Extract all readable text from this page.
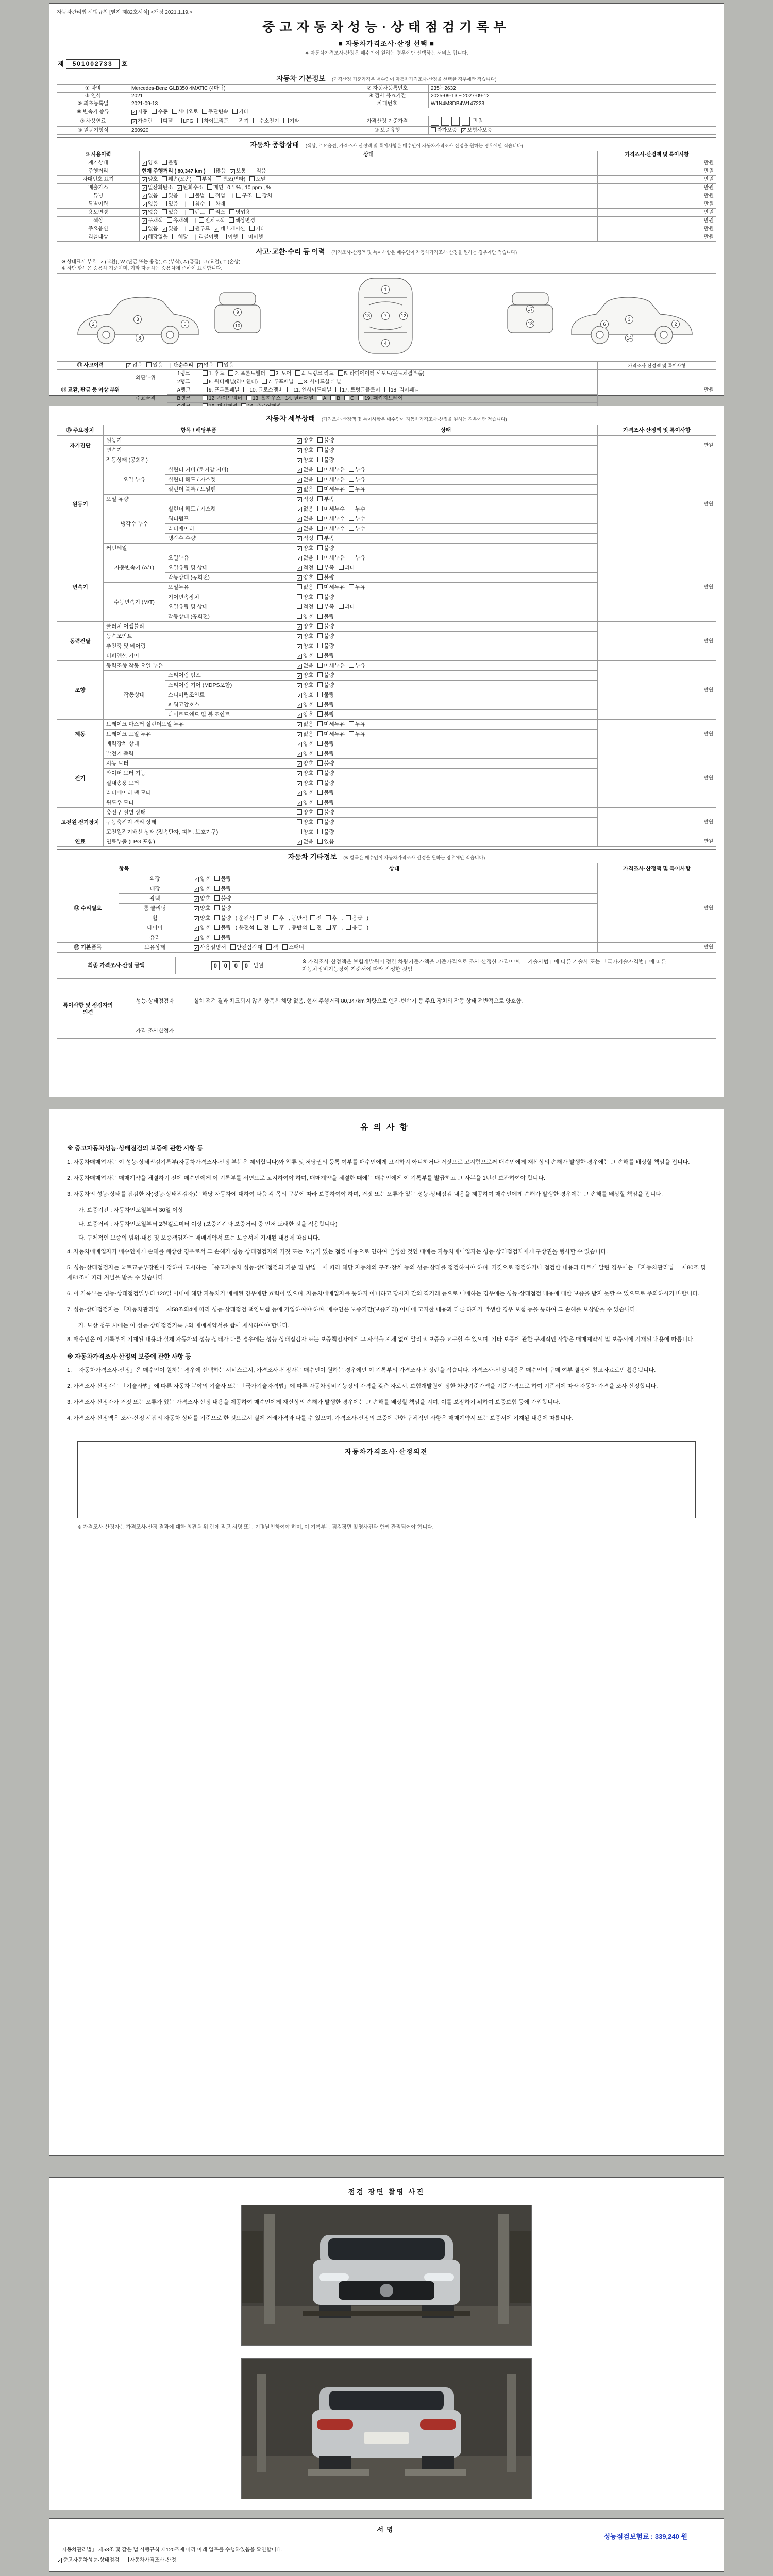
자동차관리법 시행규칙 [별지 제82호서식] <개정 2021.1.19.>
중고자동차성능·상태점검기록부
■ 자동차가격조사·산정 선택 ■
※ 자동차가격조사·산정은 매수인이 원하는 경우에만 선택하는 서비스 입니다.
제 501002733 호
자동차 기본정보 (가격산정 기준가격은 매수인이 자동차가격조사·산정을 선택한 경우에만 적습니다)
① 차명	Mercedes-Benz GLB350 4MATIC (4마틱)	② 자동차등록번호	235누2632
③ 연식	2021	④ 검사 유효기간	2025-09-13 ~ 2027-09-12
⑤ 최초등록일	2021-09-13	차대번호	W1N4M8DB4W147223
⑥ 변속기 종류	✓ 자동 수동 세미오토 무단변속 기타		
⑦ 사용연료	✓ 가솔린 디젤 LPG 하이브리드 전기 수소전기 기타	가격산정 기준가격	만원
⑧ 원동기형식	260920	⑨ 보증유형	자가보증 ✓ 보험사보증
자동차 종합상태 (색상, 주요옵션, 가격조사·산정액 및 특이사항은 매수인이 자동차가격조사·산정을 원하는 경우에만 적습니다)
⑩ 사용이력	상태	가격조사·산정액 및 특이사항
계기상태	✓ 양호 불량	만원
주행거리	현재 주행거리 ( 80,347 km ) 많음 ✓ 보통 적음	만원
차대번호 표기	✓ 양호 훼손(오손) 부식 변조(변타) 도말	만원
배출가스	✓ 일산화탄소 ✓ 탄화수소 매연 0.1 % , 10 ppm , %	만원
튜닝	✓ 없음 있음 | 불법 적법 | 구조 장치	만원
특별이력	✓ 없음 있음 | 침수 화재	만원
용도변경	✓ 없음 있음 | 렌트 리스 영업용	만원
색상	✓ 무채색 유채색 | 전체도색 색상변경	만원
주요옵션	없음 ✓ 있음 | 썬루프 ✓ 네비게이션 기타	만원
리콜대상	✓ 해당없음 해당 | 리콜이행 이행 미이행	만원
사고·교환·수리 등 이력 (가격조사·산정액 및 특이사항은 매수인이 자동차가격조사·산정을 원하는 경우에만 적습니다)
※ 상태표시 부호 : × (교환), W (판금 또는 용접), C (부식), A (흠집), U (요철), T (손상)
※ 하단 항목은 승용차 기준이며, 기타 자동차는 승용차에 준하여 표시합니다.
2
3
6
8
9
10
1
7
13	12
4
17
18	6
3
2
14
⑪ 사고이력	✓ 없음 있음 | 단순수리 ✓ 없음 있음			가격조사·산정액 및 특이사항
⑫ 교환, 판금 등 이상 부위	외판부위	1랭크	1. 후드 2. 프론트휀더 3. 도어 4. 트렁크 리드 5. 라디에이터 서포트(볼트체결부품)	만원
		2랭크	6. 쿼터패널(리어휀더) 7. 루프패널 8. 사이드실 패널	
	주요골격	A랭크	9. 프론트패널 10. 크로스멤버 11. 인사이드패널 17. 트렁크플로어 18. 리어패널	
		B랭크	12. 사이드멤버 13. 휠하우스 14. 필러패널 A B C 19. 패키지트레이	

자동차 세부상태 (가격조사·산정액 및 특이사항은 매수인이 자동차가격조사·산정을 원하는 경우에만 적습니다)
⑬ 주요장치	항목 / 해당부품		상태	가격조사·산정액 및 특이사항
자기진단	원동기		✓ 양호 불량	만원
	변속기		✓ 양호 불량	
원동기	작동상태 (공회전)		✓ 양호 불량	만원
	오일 누유	실린더 커버 (로커암 커버)	✓ 없음 미세누유 누유	
		실린더 헤드 / 가스켓	✓ 없음 미세누유 누유	
		실린더 블록 / 오일팬	✓ 없음 미세누유 누유	
	오일 유량		✓ 적정 부족	
	냉각수 누수	실린더 헤드 / 가스켓	✓ 없음 미세누수 누수	
		워터펌프	✓ 없음 미세누수 누수	
		라디에이터	✓ 없음 미세누수 누수	
		냉각수 수량	✓ 적정 부족	
	커먼레일		✓ 양호 불량	
변속기	자동변속기 (A/T)	오일누유	✓ 없음 미세누유 누유	만원
		오일유량 및 상태	✓ 적정 부족 과다	
		작동상태 (공회전)	✓ 양호 불량	
	수동변속기 (M/T)	오일누유	없음 미세누유 누유	
		기어변속장치	양호 불량	
		오일유량 및 상태	적정 부족 과다	
		작동상태 (공회전)	양호 불량	
동력전달	클러치 어셈블리		✓ 양호 불량	만원
	등속조인트		✓ 양호 불량	
	추진축 및 베어링		✓ 양호 불량	
	디퍼렌셜 기어		✓ 양호 불량	
조향	동력조향 작동 오일 누유		✓ 없음 미세누유 누유	만원
	작동상태	스티어링 펌프	✓ 양호 불량	
		스티어링 기어 (MDPS포함)	✓ 양호 불량	
		스티어링조인트	✓ 양호 불량	
		파워고압호스	✓ 양호 불량	
		타이로드엔드 및 볼 조인트	✓ 양호 불량	
제동	브레이크 마스터 실린더오일 누유		✓ 없음 미세누유 누유	만원
	브레이크 오일 누유		✓ 없음 미세누유 누유	
	배력장치 상태		✓ 양호 불량	
전기	발전기 출력		✓ 양호 불량	만원
	시동 모터		✓ 양호 불량	
	와이퍼 모터 기능		✓ 양호 불량	
	실내송풍 모터		✓ 양호 불량	
	라디에이터 팬 모터		✓ 양호 불량	
	윈도우 모터		✓ 양호 불량	
고전원 전기장치	충전구 절연 상태		양호 불량	만원
	구동축전지 격리 상태		양호 불량	
	고전원전기배선 상태 (접속단자, 피복, 보호기구)		양호 불량	
연료	연료누출 (LPG 포함)		✓ 없음 있음	만원
자동차 기타정보 (※ 항목은 매수인이 자동차가격조사·산정을 원하는 경우에만 적습니다)
항목		상태	가격조사·산정액 및 특이사항
⑭ 수리필요	외장	✓ 양호 불량	만원
	내장	✓ 양호 불량	
	광택	✓ 양호 불량	
	룸 클리닝	✓ 양호 불량	
	휠	✓ 양호 불량 ( 운전석 전 후 , 동반석 전 후 , 응급 )	
	타이어	✓ 양호 불량 ( 운전석 전 후 , 동반석 전 후 , 응급 )	
	유리	✓ 양호 불량	
⑮ 기본품목	보유상태	✓ 사용설명서 안전삼각대 잭 스패너	만원
최종 가격조사·산정 금액	0 0 0 0 만원	※ 가격조사·산정액은 보험개발원이 정한 차량기준가액을 기준가격으로 조사·산정한 가격이며, 「기술사법」에 따른 기술사 또는 「국가기술자격법」에 따른 자동차정비기능장이 기준서에 따라 작성한 것임
특이사항 및 점검자의 의견	성능·상태점검자	실차 점검 결과 체크되지 않은 항목은 해당 없음. 현재 주행거리 80,347km 차량으로 엔진·변속기 등 주요 장치의 작동 상태 전반적으로 양호함.
	가격·조사산정자	
유의사항
※ 중고자동차성능·상태점검의 보증에 관한 사항 등
1. 자동차매매업자는 이 성능·상태점검기록부(자동차가격조사·산정 부분은 제외합니다)와 압류 및 저당권의 등록 여부를 매수인에게 고지하지 아니하거나 거짓으로 고지함으로써 매수인에게 재산상의 손해가 발생한 경우에는 그 손해를 배상할 책임을 집니다.
2. 자동차매매업자는 매매계약을 체결하기 전에 매수인에게 이 기록부를 서면으로 고지하여야 하며, 매매계약을 체결한 때에는 매수인에게 이 기록부를 발급하고 그 사본을 1년간 보관하여야 합니다.
3. 자동차의 성능·상태를 점검한 자(성능·상태점검자)는 해당 자동차에 대하여 다음 각 목의 구분에 따라 보증하여야 하며, 거짓 또는 오류가 있는 성능·상태점검 내용을 제공하여 매수인에게 손해가 발생한 경우에는 그 손해를 배상할 책임을 집니다.
가. 보증기간 : 자동차인도일부터 30일 이상
나. 보증거리 : 자동차인도일부터 2천킬로미터 이상 (보증기간과 보증거리 중 먼저 도래한 것을 적용합니다)
다. 구체적인 보증의 범위·내용 및 보증책임자는 매매계약서 또는 보증서에 기재된 내용에 따릅니다.
4. 자동차매매업자가 매수인에게 손해를 배상한 경우로서 그 손해가 성능·상태점검자의 거짓 또는 오류가 있는 점검 내용으로 인하여 발생한 것인 때에는 자동차매매업자는 성능·상태점검자에게 구상권을 행사할 수 있습니다.
5. 성능·상태점검자는 국토교통부장관이 정하여 고시하는 「중고자동차 성능·상태점검의 기준 및 방법」에 따라 해당 자동차의 구조·장치 등의 성능·상태를 점검하여야 하며, 거짓으로 점검하거나 점검한 내용과 다르게 알린 경우에는 「자동차관리법」 제80조 및 제81조에 따라 처벌을 받을 수 있습니다.
6. 이 기록부는 성능·상태점검일부터 120일 이내에 해당 자동차가 매매된 경우에만 효력이 있으며, 자동차매매업자를 통하지 아니하고 당사자 간의 직거래 등으로 매매하는 경우에는 성능·상태점검 내용에 대한 보증을 받지 못할 수 있으므로 주의하시기 바랍니다.
7. 성능·상태점검자는 「자동차관리법」 제58조의4에 따라 성능·상태점검 책임보험 등에 가입하여야 하며, 매수인은 보증기간(보증거리) 이내에 고지한 내용과 다른 하자가 발생한 경우 보험 등을 통하여 그 손해를 보상받을 수 있습니다.
가. 보상 청구 시에는 이 성능·상태점검기록부와 매매계약서를 함께 제시하여야 합니다.
8. 매수인은 이 기록부에 기재된 내용과 실제 자동차의 성능·상태가 다른 경우에는 성능·상태점검자 또는 보증책임자에게 그 사실을 지체 없이 알리고 보증을 요구할 수 있으며, 기타 보증에 관한 구체적인 사항은 매매계약서 및 보증서에 기재된 내용에 따릅니다.
※ 자동차가격조사·산정의 보증에 관한 사항 등
1. 「자동차가격조사·산정」은 매수인이 원하는 경우에 선택하는 서비스로서, 가격조사·산정자는 매수인이 원하는 경우에만 이 기록부의 가격조사·산정란을 적습니다. 가격조사·산정 내용은 매수인의 구매 여부 결정에 참고자료로만 활용됩니다.
2. 가격조사·산정자는 「기술사법」에 따른 자동차 분야의 기술사 또는 「국가기술자격법」에 따른 자동차정비기능장의 자격을 갖춘 자로서, 보험개발원이 정한 차량기준가액을 기준가격으로 하여 기준서에 따라 자동차 가격을 조사·산정합니다.
3. 가격조사·산정자가 거짓 또는 오류가 있는 가격조사·산정 내용을 제공하여 매수인에게 재산상의 손해가 발생한 경우에는 그 손해를 배상할 책임을 지며, 이를 보장하기 위하여 보증보험 등에 가입합니다.
4. 가격조사·산정액은 조사·산정 시점의 자동차 상태를 기준으로 한 것으로서 실제 거래가격과 다를 수 있으며, 가격조사·산정의 보증에 관한 구체적인 사항은 매매계약서 또는 보증서에 기재된 내용에 따릅니다.
자동차가격조사·산정의견
※ 가격조사·산정자는 가격조사·산정 결과에 대한 의견을 위 란에 적고 서명 또는 기명날인하여야 하며, 이 기록부는 점검장면 촬영사진과 함께 관리되어야 합니다.
점검 장면 촬영 사진
서명
성능점검보험료 : 339,240 원
「자동차관리법」 제58조 및 같은 법 시행규칙 제120조에 따라 아래 업무를 수행하였음을 확인합니다.
✓ 중고자동차성능·상태점검 자동차가격조사·산정
